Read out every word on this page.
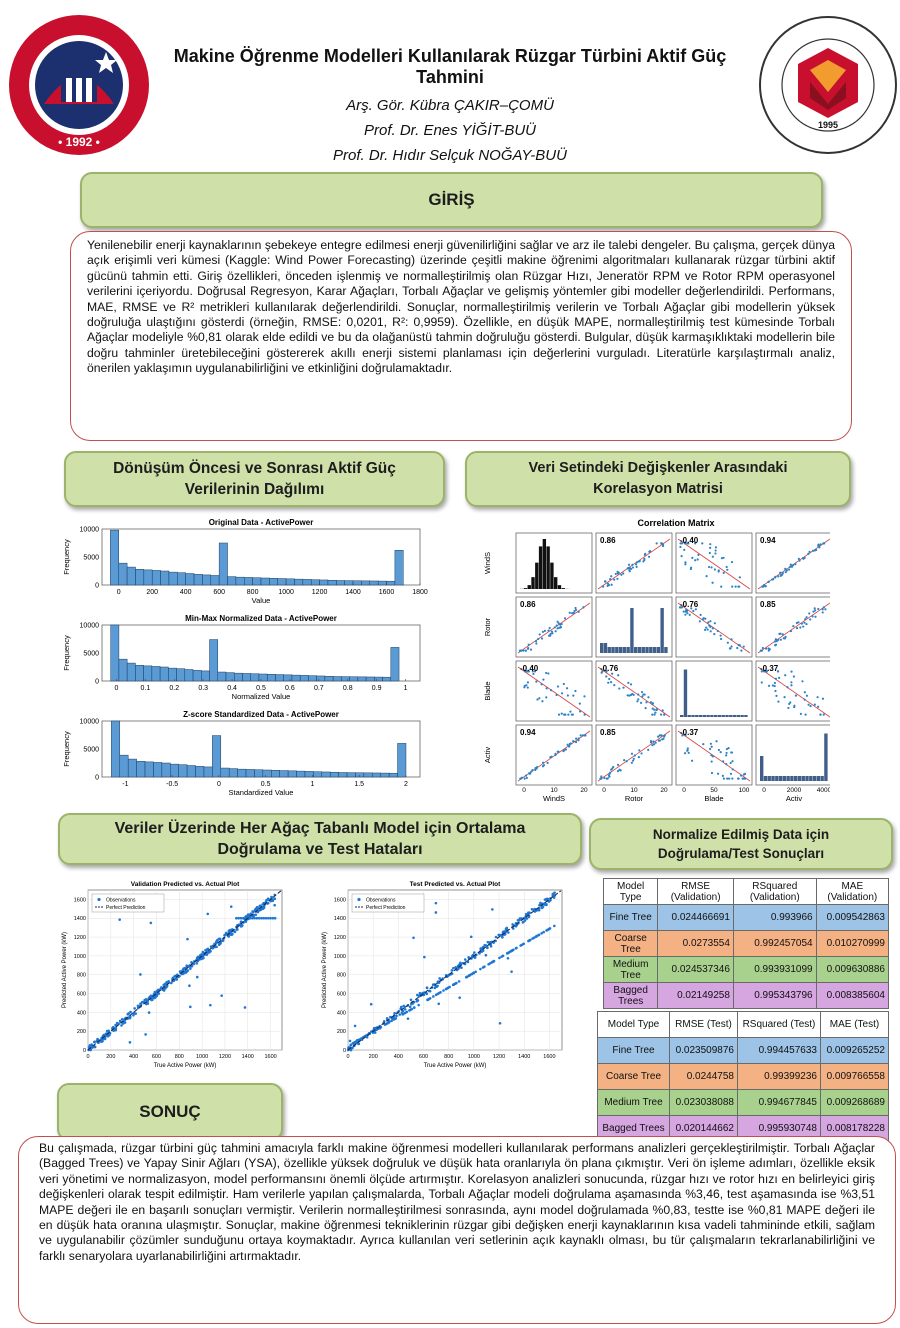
• 1992 •
1995
Makine Öğrenme Modelleri Kullanılarak Rüzgar Türbini Aktif Güç Tahmini
Arş. Gör. Kübra ÇAKIR–ÇOMÜ
Prof. Dr. Enes YİĞİT-BUÜ
Prof. Dr. Hıdır Selçuk NOĞAY-BUÜ
GİRİŞ

Yenilenebilir enerji kaynaklarının şebekeye entegre edilmesi enerji güvenilirliğini sağlar ve arz ile talebi dengeler. Bu çalışma, gerçek dünya açık erişimli veri kümesi (Kaggle: Wind Power Forecasting) üzerinde çeşitli makine öğrenimi algoritmaları kullanarak rüzgar türbini aktif gücünü tahmin etti. Giriş özellikleri, önceden işlenmiş ve normalleştirilmiş olan Rüzgar Hızı, Jeneratör RPM ve Rotor RPM operasyonel verilerini içeriyordu. Doğrusal Regresyon, Karar Ağaçları, Torbalı Ağaçlar ve gelişmiş yöntemler gibi modeller değerlendirildi. Performans, MAE, RMSE ve R² metrikleri kullanılarak değerlendirildi. Sonuçlar, normalleştirilmiş verilerin ve Torbalı Ağaçlar gibi modellerin yüksek doğruluğa ulaştığını gösterdi (örneğin, RMSE: 0,0201, R²: 0,9959). Özellikle, en düşük MAPE, normalleştirilmiş test kümesinde Torbalı Ağaçlar modeliyle %0,81 olarak elde edildi ve bu da olağanüstü tahmin doğruluğu gösterdi. Bulgular, düşük karmaşıklıktaki modellerin bile doğru tahminler üretebileceğini göstererek akıllı enerji sistemi planlaması için değerlerini vurguladı. Literatürle karşılaştırmalı analiz, önerilen yaklaşımın uygulanabilirliğini ve etkinliğini doğrulamaktadır.

Dönüşüm Öncesi ve Sonrası Aktif Güç Verilerinin Dağılımı
Veri Setindeki Değişkenler Arasındaki Korelasyon Matrisi
Original Data - ActivePower
0	200	400	600	800	1000	1200	1400	1600	1800
0
5000
10000
Value
Frequency
Min-Max Normalized Data - ActivePower
0	0.1	0.2	0.3	0.4	0.5	0.6	0.7	0.8	0.9	1
0
5000
10000
Normalized Value
Frequency
Z-score Standardized Data - ActivePower
-0.5	0	0.5	1	1.5	2
-1
0
5000
10000
Standardized Value
Frequency
Correlation Matrix
0.86	-0.40	0.94
WindS
0	10	20
WindS
0.86	-0.76	0.85
Rotor
0	10	20
Rotor
-0.40	-0.76	-0.37
Blade
0	50	100
Blade
0.94	0.85	-0.37
Activ
0	2000 4000
Activ
Veriler Üzerinde Her Ağaç Tabanlı Model için Ortalama Doğrulama ve Test Hataları
Normalize Edilmiş Data için Doğrulama/Test Sonuçları
Validation Predicted vs. Actual Plot
0
200
400
600
800
1000
1200
1400
1600
0	200 400 600 800 1000 1200 1400 1600
Observations
Perfect Prediction
True Active Power (kW)
Predicted Active Power (kW)
Test Predicted vs. Actual Plot
0
200
400
600
800
1000
1200
1400
1600
0	200	400	600	800	1000 1200 1400 1600
Observations
Perfect Prediction
True Active Power (kW)
Predicted Active Power (kW)
Model Type	RMSE (Validation)	RSquared (Validation)	MAE (Validation)
Fine Tree	0.024466691	0.993966	0.009542863
Coarse Tree	0.0273554	0.992457054	0.010270999
Medium Tree	0.024537346	0.993931099	0.009630886
Bagged Trees	0.02149258	0.995343796	0.008385604
Model Type	RMSE (Test)	RSquared (Test)	MAE (Test)
Fine Tree	0.023509876	0.994457633	0.009265252
Coarse Tree	0.0244758	0.99399236	0.009766558
Medium Tree	0.023038088	0.994677845	0.009268689
Bagged Trees	0.020144662	0.995930748	0.008178228
SONUÇ

Bu çalışmada, rüzgar türbini güç tahmini amacıyla farklı makine öğrenmesi modelleri kullanılarak performans analizleri gerçekleştirilmiştir. Torbalı Ağaçlar (Bagged Trees) ve Yapay Sinir Ağları (YSA), özellikle yüksek doğruluk ve düşük hata oranlarıyla ön plana çıkmıştır. Veri ön işleme adımları, özellikle eksik veri yönetimi ve normalizasyon, model performansını önemli ölçüde artırmıştır. Korelasyon analizleri sonucunda, rüzgar hızı ve rotor hızı en belirleyici giriş değişkenleri olarak tespit edilmiştir. Ham verilerle yapılan çalışmalarda, Torbalı Ağaçlar modeli doğrulama aşamasında %3,46, test aşamasında ise %3,51 MAPE değeri ile en başarılı sonuçları vermiştir. Verilerin normalleştirilmesi sonrasında, aynı model doğrulamada %0,83, testte ise %0,81 MAPE değeri ile en düşük hata oranına ulaşmıştır. Sonuçlar, makine öğrenmesi tekniklerinin rüzgar gibi değişken enerji kaynaklarının kısa vadeli tahmininde etkili, sağlam ve uygulanabilir çözümler sunduğunu ortaya koymaktadır. Ayrıca kullanılan veri setlerinin açık kaynaklı olması, bu tür çalışmaların tekrarlanabilirliğini ve farklı senaryolara uyarlanabilirliğini artırmaktadır.
